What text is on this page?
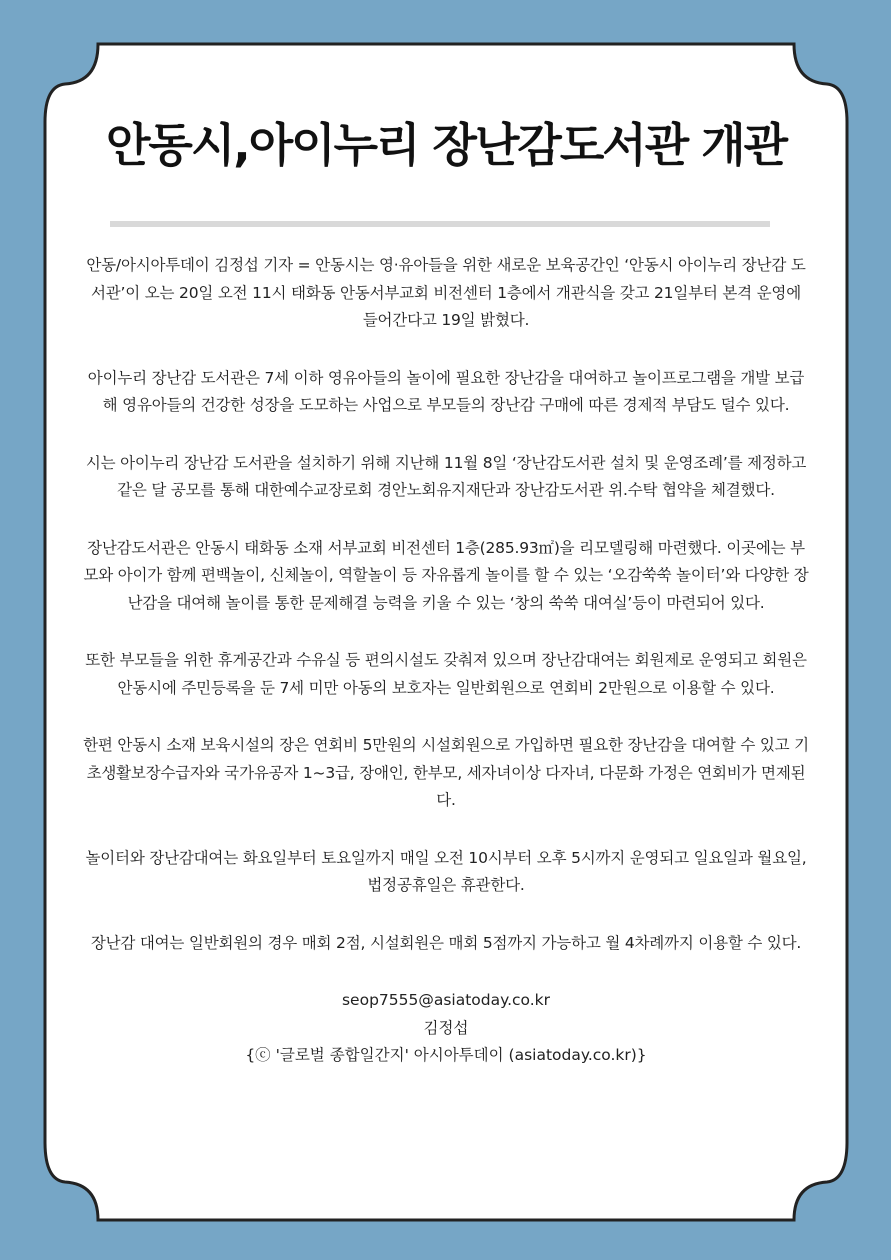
안동시,아이누리 장난감도서관 개관

안동/아시아투데이 김정섭 기자 = 안동시는 영·유아들을 위한 새로운 보육공간인 ‘안동시 아이누리 장난감 도서관’이 오는 20일 오전 11시 태화동 안동서부교회 비전센터 1층에서 개관식을 갖고 21일부터 본격 운영에 들어간다고 19일 밝혔다.

아이누리 장난감 도서관은 7세 이하 영유아들의 놀이에 필요한 장난감을 대여하고 놀이프로그램을 개발 보급해 영유아들의 건강한 성장을 도모하는 사업으로 부모들의 장난감 구매에 따른 경제적 부담도 덜수 있다.

시는 아이누리 장난감 도서관을 설치하기 위해 지난해 11월 8일 ‘장난감도서관 설치 및 운영조례’를 제정하고 같은 달 공모를 통해 대한예수교장로회 경안노회유지재단과 장난감도서관 위.수탁 협약을 체결했다.

장난감도서관은 안동시 태화동 소재 서부교회 비전센터 1층(285.93㎡)을 리모델링해 마련했다. 이곳에는 부모와 아이가 함께 편백놀이, 신체놀이, 역할놀이 등 자유롭게 놀이를 할 수 있는 ‘오감쑥쑥 놀이터’와 다양한 장난감을 대여해 놀이를 통한 문제해결 능력을 키울 수 있는 ‘창의 쑥쑥 대여실’등이 마련되어 있다.

또한 부모들을 위한 휴게공간과 수유실 등 편의시설도 갖춰져 있으며 장난감대여는 회원제로 운영되고 회원은 안동시에 주민등록을 둔 7세 미만 아동의 보호자는 일반회원으로 연회비 2만원으로 이용할 수 있다.

한편 안동시 소재 보육시설의 장은 연회비 5만원의 시설회원으로 가입하면 필요한 장난감을 대여할 수 있고 기초생활보장수급자와 국가유공자 1~3급, 장애인, 한부모, 세자녀이상 다자녀, 다문화 가정은 연회비가 면제된다.

놀이터와 장난감대여는 화요일부터 토요일까지 매일 오전 10시부터 오후 5시까지 운영되고 일요일과 월요일, 법정공휴일은 휴관한다.

장난감 대여는 일반회원의 경우 매회 2점, 시설회원은 매회 5점까지 가능하고 월 4차례까지 이용할 수 있다.

seop7555@asiatoday.co.kr

김정섭

{ⓒ '글로벌 종합일간지' 아시아투데이 (asiatoday.co.kr)}
